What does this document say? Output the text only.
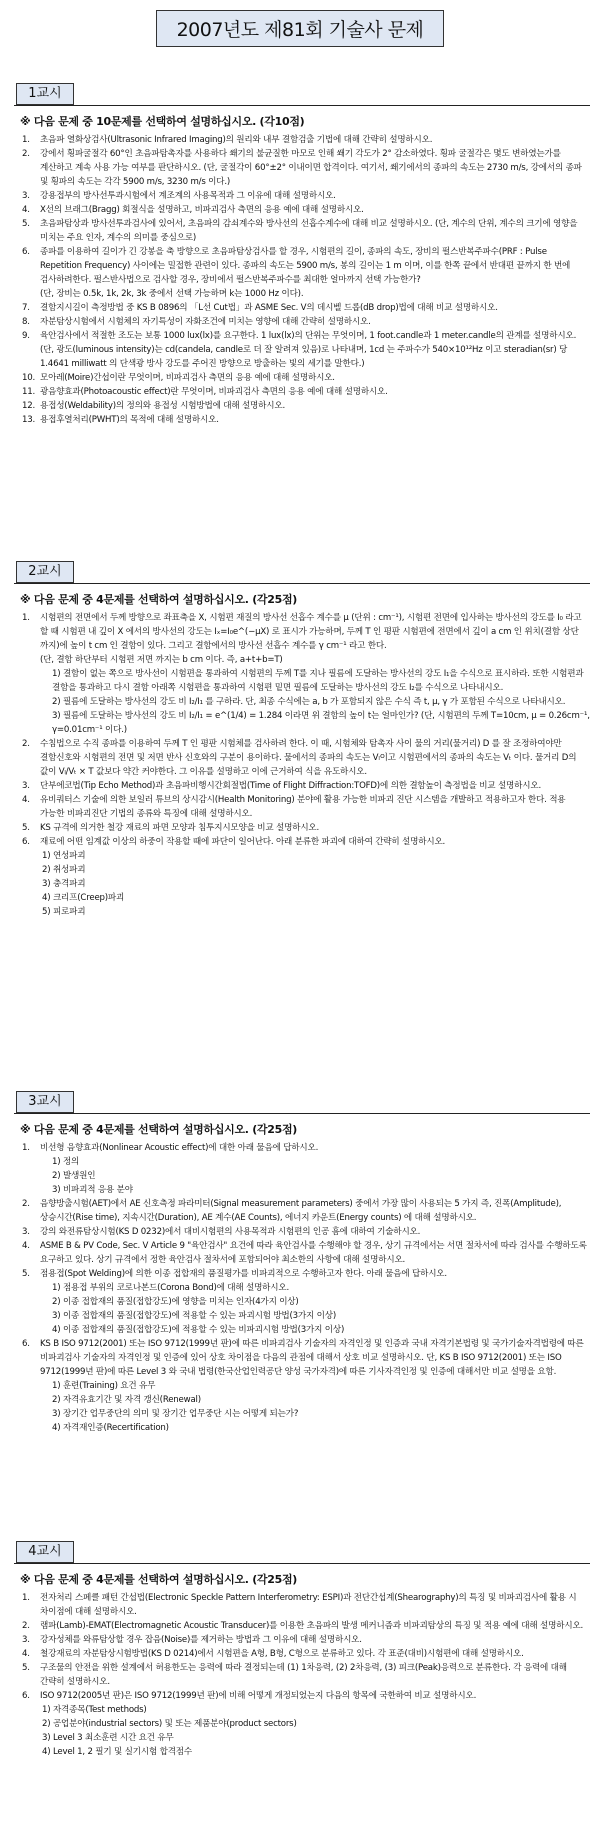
2007년도 제81회 기술사 문제
1교시
※ 다음 문제 중 10문제를 선택하여 설명하십시오. (각10점)
1. 초음파 열화상검사(Ultrasonic Infrared Imaging)의 원리와 내부 결함검출 기법에 대해 간략히 설명하시오.
2. 강에서 횡파굴절각 60°인 초음파탐촉자를 사용하다 쐐기의 불균질한 마모로 인해 쐐기 각도가 2° 감소하였다. 횡파 굴절각은 몇도 변하였는가를 계산하고 계속 사용 가능 여부를 판단하시오. (단, 굴절각이 60°±2° 이내이면 합격이다. 여기서, 쐐기에서의 종파의 속도는 2730 m/s, 강에서의 종파 및 횡파의 속도는 각각 5900 m/s, 3230 m/s 이다.)
3. 강용접부의 방사선투과시험에서 계조계의 사용목적과 그 이유에 대해 설명하시오.
4. X선의 브래그(Bragg) 회절식을 설명하고, 비파괴검사 측면의 응용 예에 대해 설명하시오.
5. 초음파탐상과 방사선투과검사에 있어서, 초음파의 감쇠계수와 방사선의 선흡수계수에 대해 비교 설명하시오. (단, 계수의 단위, 계수의 크기에 영향을 미치는 주요 인자, 계수의 의미를 중심으로)
6. 종파를 이용하여 길이가 긴 강봉을 축 방향으로 초음파탐상검사를 할 경우, 시험편의 길이, 종파의 속도, 장비의 펄스반복주파수(PRF : Pulse Repetition Frequency) 사이에는 밀접한 관련이 있다. 종파의 속도는 5900 m/s, 봉의 길이는 1 m 이며, 이를 한쪽 끝에서 반대편 끝까지 한 번에 검사하려한다. 펄스반사법으로 검사할 경우, 장비에서 펄스반복주파수를 최대한 얼마까지 선택 가능한가?
(단, 장비는 0.5k, 1k, 2k, 3k 중에서 선택 가능하며 k는 1000 Hz 이다).
7. 결함지시길이 측정방법 중 KS B 0896의 「L선 Cut법」과 ASME Sec. Ⅴ의 데시벨 드롭(dB drop)법에 대해 비교 설명하시오.
8. 자분탐상시험에서 시험체의 자기특성이 자화조건에 미치는 영향에 대해 간략히 설명하시오.
9. 육안검사에서 적절한 조도는 보통 1000 lux(lx)를 요구한다. 1 lux(lx)의 단위는 무엇이며, 1 foot.candle과 1 meter.candle의 관계를 설명하시오.
(단, 광도(luminous intensity)는 cd(candela, candle로 더 잘 알려져 있음)로 나타내며, 1cd 는 주파수가 540×10¹²Hz 이고 steradian(sr) 당 1.4641 milliwatt 의 단색광 방사 강도를 주어진 방향으로 방출하는 빛의 세기를 말한다.)
10. 모아레(Moire)간섭이란 무엇이며, 비파괴검사 측면의 응용 예에 대해 설명하시오.
11. 광음향효과(Photoacoustic effect)란 무엇이며, 비파괴검사 측면의 응용 예에 대해 설명하시오.
12. 용접성(Weldability)의 정의와 용접성 시험방법에 대해 설명하시오.
13. 용접후열처리(PWHT)의 목적에 대해 설명하시오.
2교시
※ 다음 문제 중 4문제를 선택하여 설명하십시오. (각25점)
1. 시험편의 전면에서 두께 방향으로 좌표축을 X, 시험편 재질의 방사선 선흡수 계수를 μ (단위 : cm⁻¹), 시험편 전면에 입사하는 방사선의 강도를 I₀ 라고 할 때 시험편 내 깊이 X 에서의 방사선의 강도는 Iₓ=I₀e^(−μX) 로 표시가 가능하며, 두께 T 인 평판 시험편에 전면에서 깊이 a cm 인 위치(결함 상단 까지)에 높이 t cm 인 결함이 있다. 그리고 결함에서의 방사선 선흡수 계수를 γ cm⁻¹ 라고 한다.
(단, 결함 하단부터 시험편 저면 까지는 b cm 이다. 즉, a+t+b=T)
1) 결함이 없는 쪽으로 방사선이 시험편을 통과하여 시험편의 두께 T를 지나 필름에 도달하는 방사선의 강도 I₁을 수식으로 표시하라. 또한 시험편과 결함을 통과하고 다시 결함 아래쪽 시험편을 통과하여 시험편 밑면 필름에 도달하는 방사선의 강도 I₂를 수식으로 나타내시오.
2) 필름에 도달하는 방사선의 강도 비 I₂/I₁ 를 구하라. 단, 최종 수식에는 a, b 가 포함되지 않은 수식 즉 t, μ, γ 가 포함된 수식으로 나타내시오.
3) 필름에 도달하는 방사선의 강도 비 I₂/I₁ = e^(1/4) = 1.284 이라면 위 결함의 높이 t는 얼마인가? (단, 시험편의 두께 T=10cm, μ = 0.26cm⁻¹, γ=0.01cm⁻¹ 이다.)
2. 수침법으로 수직 종파를 이용하여 두께 T 인 평판 시험체를 검사하려 한다. 이 때, 시험체와 탐촉자 사이 물의 거리(물거리) D 를 잘 조정하여야만 결함신호와 시험편의 전면 및 저면 반사 신호와의 구분이 용이하다. 물에서의 종파의 속도는 Vₗ이고 시험편에서의 종파의 속도는 Vₜ 이다. 물거리 D의 값이 Vₗ/Vₜ × T 값보다 약간 커야한다. 그 이유를 설명하고 이에 근거하여 식을 유도하시오.
3. 단부에코법(Tip Echo Method)과 초음파비행시간회절법(Time of Flight Diffraction:TOFD)에 의한 결함높이 측정법을 비교 설명하시오.
4. 유비쿼터스 기술에 의한 보일러 튜브의 상시감시(Health Monitoring) 분야에 활용 가능한 비파괴 진단 시스템을 개발하고 적용하고자 한다. 적용 가능한 비파괴진단 기법의 종류와 특징에 대해 설명하시오.
5. KS 규격에 의거한 철강 재료의 파면 모양과 침투지시모양을 비교 설명하시오.
6. 재료에 어떤 임계값 이상의 하중이 작용할 때에 파단이 일어난다. 아래 분류한 파괴에 대하여 간략히 설명하시오.
1) 연성파괴
2) 취성파괴
3) 충격파괴
4) 크리프(Creep)파괴
5) 피로파괴
3교시
※ 다음 문제 중 4문제를 선택하여 설명하십시오. (각25점)
1. 비선형 음향효과(Nonlinear Acoustic effect)에 대한 아래 물음에 답하시오.
1) 정의
2) 발생원인
3) 비파괴적 응용 분야
2. 음향방출시험(AET)에서 AE 신호측정 파라미터(Signal measurement parameters) 중에서 가장 많이 사용되는 5 가지 즉, 진폭(Amplitude), 상승시간(Rise time), 지속시간(Duration), AE 계수(AE Counts), 에너지 카운트(Energy counts) 에 대해 설명하시오.
3. 강의 와전류탐상시험(KS D 0232)에서 대비시험편의 사용목적과 시험편의 인공 흠에 대하여 기술하시오.
4. ASME B & PV Code, Sec. Ⅴ Article 9 "육안검사" 요건에 따라 육안검사를 수행해야 할 경우, 상기 규격에서는 서면 절차서에 따라 검사를 수행하도록 요구하고 있다. 상기 규격에서 정한 육안검사 절차서에 포함되어야 최소한의 사항에 대해 설명하시오.
5. 점용접(Spot Welding)에 의한 이종 접합재의 품질평가를 비파괴적으로 수행하고자 한다. 아래 물음에 답하시오.
1) 점용접 부위의 코로나본드(Corona Bond)에 대해 설명하시오.
2) 이종 접합재의 품질(접합강도)에 영향을 미치는 인자(4가지 이상)
3) 이종 접합재의 품질(접합강도)에 적용할 수 있는 파괴시험 방법(3가지 이상)
4) 이종 접합재의 품질(접합강도)에 적용할 수 있는 비파괴시험 방법(3가지 이상)
6. KS B ISO 9712(2001) 또는 ISO 9712(1999년 판)에 따른 비파괴검사 기술자의 자격인정 및 인증과 국내 자격기본법령 및 국가기술자격법령에 따른 비파괴검사 기술자의 자격인정 및 인증에 있어 상호 차이점을 다음의 관점에 대해서 상호 비교 설명하시오. 단, KS B ISO 9712(2001) 또는 ISO 9712(1999년 판)에 따른 Level 3 와 국내 법령(한국산업인력공단 양성 국가자격)에 따른 기사자격인정 및 인증에 대해서만 비교 설명을 요함.
1) 훈련(Training) 요건 유무
2) 자격유효기간 및 자격 갱신(Renewal)
3) 장기간 업무중단의 의미 및 장기간 업무중단 시는 어떻게 되는가?
4) 자격재인증(Recertification)
4교시
※ 다음 문제 중 4문제를 선택하여 설명하십시오. (각25점)
1. 전자처리 스페클 패턴 간섭법(Electronic Speckle Pattern Interferometry: ESPI)과 전단간섭계(Shearography)의 특징 및 비파괴검사에 활용 시 차이점에 대해 설명하시오.
2. 램파(Lamb)-EMAT(Electromagnetic Acoustic Transducer)를 이용한 초음파의 발생 메커니즘과 비파괴탐상의 특징 및 적용 예에 대해 설명하시오.
3. 강자성체를 와류탐상할 경우 잡음(Noise)를 제거하는 방법과 그 이유에 대해 설명하시오.
4. 철강재료의 자분탐상시험방법(KS D 0214)에서 시험편을 A형, B형, C형으로 분류하고 있다. 각 표준(대비)시험편에 대해 설명하시오.
5. 구조물의 안전을 위한 설계에서 허용한도는 응력에 따라 결정되는데 (1) 1차응력, (2) 2차응력, (3) 피크(Peak)응력으로 분류한다. 각 응력에 대해 간략히 설명하시오.
6. ISO 9712(2005년 판)은 ISO 9712(1999년 판)에 비해 어떻게 개정되었는지 다음의 항목에 국한하여 비교 설명하시오.
1) 자격종목(Test methods)
2) 공업분야(industrial sectors) 및 또는 제품분야(product sectors)
3) Level 3 최소훈련 시간 요건 유무
4) Level 1, 2 필기 및 실기시험 합격점수
